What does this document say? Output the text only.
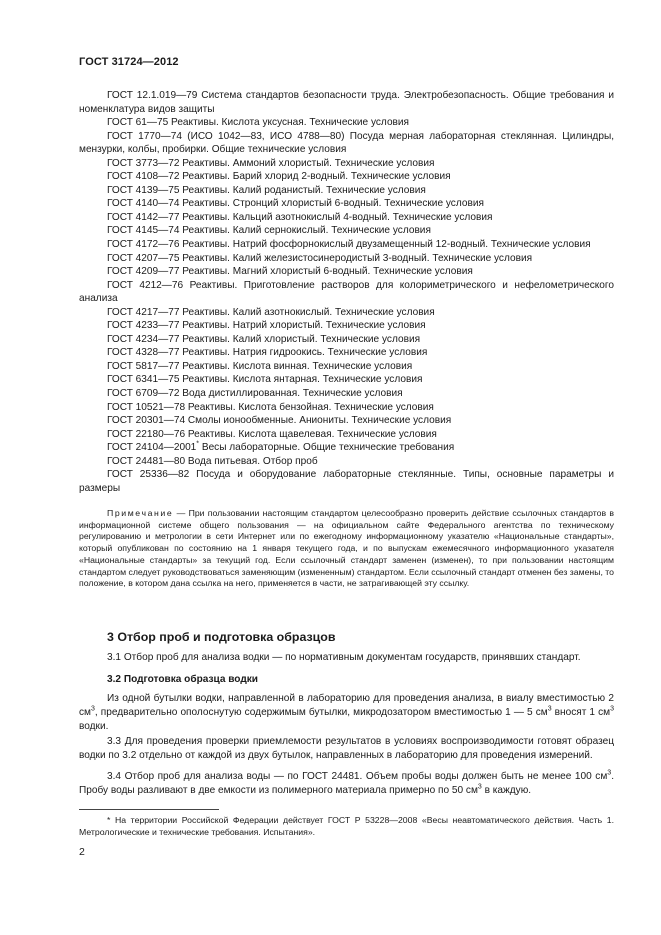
ГОСТ 31724—2012
ГОСТ 12.1.019—79 Система стандартов безопасности труда. Электробезопасность. Общие требования и номенклатура видов защиты
ГОСТ 61—75 Реактивы. Кислота уксусная. Технические условия
ГОСТ 1770—74 (ИСО 1042—83, ИСО 4788—80) Посуда мерная лабораторная стеклянная. Цилиндры, мензурки, колбы, пробирки. Общие технические условия
ГОСТ 3773—72 Реактивы. Аммоний хлористый. Технические условия
ГОСТ 4108—72 Реактивы. Барий хлорид 2-водный. Технические условия
ГОСТ 4139—75 Реактивы. Калий роданистый. Технические условия
ГОСТ 4140—74 Реактивы. Стронций хлористый 6-водный. Технические условия
ГОСТ 4142—77 Реактивы. Кальций азотнокислый 4-водный. Технические условия
ГОСТ 4145—74 Реактивы. Калий сернокислый. Технические условия
ГОСТ 4172—76 Реактивы. Натрий фосфорнокислый двузамещенный 12-водный. Технические условия
ГОСТ 4207—75 Реактивы. Калий железистосинеродистый 3-водный. Технические условия
ГОСТ 4209—77 Реактивы. Магний хлористый 6-водный. Технические условия
ГОСТ 4212—76 Реактивы. Приготовление растворов для колориметрического и нефелометрического анализа
ГОСТ 4217—77 Реактивы. Калий азотнокислый. Технические условия
ГОСТ 4233—77 Реактивы. Натрий хлористый. Технические условия
ГОСТ 4234—77 Реактивы. Калий хлористый. Технические условия
ГОСТ 4328—77 Реактивы. Натрия гидроокись. Технические условия
ГОСТ 5817—77 Реактивы. Кислота винная. Технические условия
ГОСТ 6341—75 Реактивы. Кислота янтарная. Технические условия
ГОСТ 6709—72 Вода дистиллированная. Технические условия
ГОСТ 10521—78 Реактивы. Кислота бензойная. Технические условия
ГОСТ 20301—74 Смолы ионообменные. Аниониты. Технические условия
ГОСТ 22180—76 Реактивы. Кислота щавелевая. Технические условия
ГОСТ 24104—2001* Весы лабораторные. Общие технические требования
ГОСТ 24481—80 Вода питьевая. Отбор проб
ГОСТ 25336—82 Посуда и оборудование лабораторные стеклянные. Типы, основные параметры и размеры
Примечание — При пользовании настоящим стандартом целесообразно проверить действие ссылочных стандартов в информационной системе общего пользования — на официальном сайте Федерального агентства по техническому регулированию и метрологии в сети Интернет или по ежегодному информационному указателю «Национальные стандарты», который опубликован по состоянию на 1 января текущего года, и по выпускам ежемесячного информационного указателя «Национальные стандарты» за текущий год. Если ссылочный стандарт заменен (изменен), то при пользовании настоящим стандартом следует руководствоваться заменяющим (измененным) стандартом. Если ссылочный стандарт отменен без замены, то положение, в котором дана ссылка на него, применяется в части, не затрагивающей эту ссылку.
3 Отбор проб и подготовка образцов
3.1 Отбор проб для анализа водки — по нормативным документам государств, принявших стандарт.
3.2 Подготовка образца водки
Из одной бутылки водки, направленной в лабораторию для проведения анализа, в виалу вместимостью 2 $см^3$, предварительно ополоснутую содержимым бутылки, микродозатором вместимостью 1 — 5 $см^3$ вносят 1 $см^3$ водки.
3.3 Для проведения проверки приемлемости результатов в условиях воспроизводимости готовят образец водки по 3.2 отдельно от каждой из двух бутылок, направленных в лабораторию для проведения измерений.
3.4 Отбор проб для анализа воды — по ГОСТ 24481. Объем пробы воды должен быть не менее 100 $см^3$. Пробу воды разливают в две емкости из полимерного материала примерно по 50 $см^3$ в каждую.
* На территории Российской Федерации действует ГОСТ Р 53228—2008 «Весы неавтоматического действия. Часть 1. Метрологические и технические требования. Испытания».
2
